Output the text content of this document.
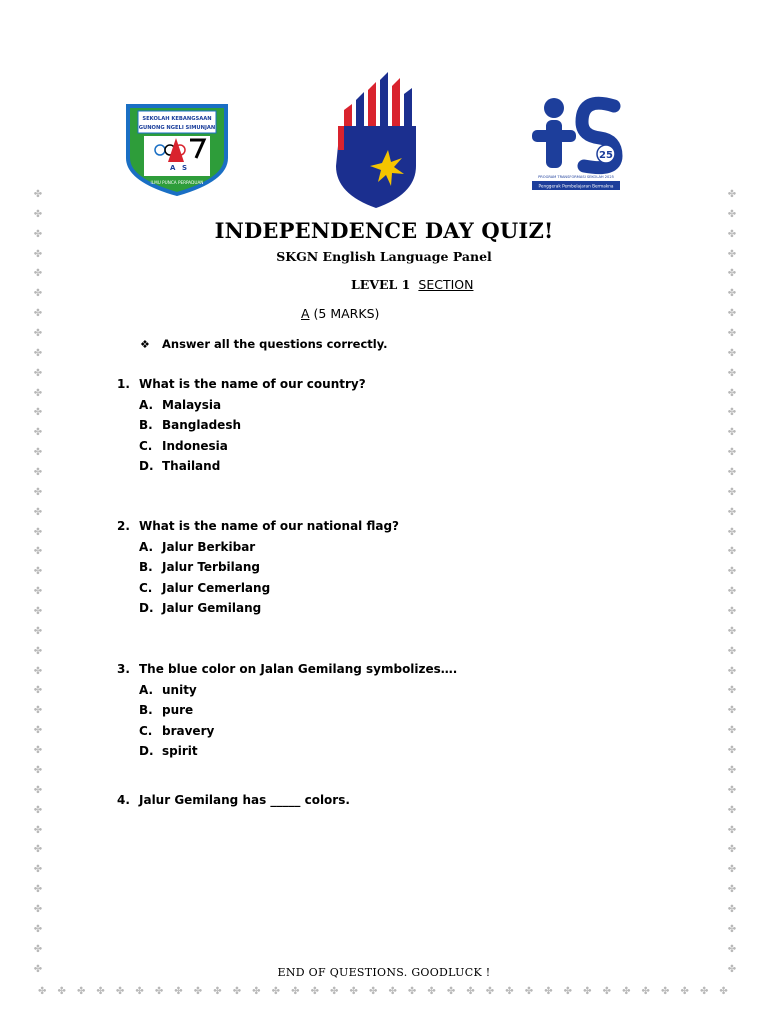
✤
✤
✤
✤
✤
✤
✤
✤
✤
✤
✤
✤
✤
✤
✤
✤
✤
✤
✤
✤
✤
✤
✤
✤
✤
✤
✤
✤
✤
✤
✤
✤
✤
✤
✤
✤
✤
✤
✤
✤
✤
✤
✤
✤
✤
✤
✤
✤
✤
✤
✤
✤
✤
✤
✤
✤
✤
✤
✤
✤
✤
✤
✤
✤
✤
✤
✤
✤
✤
✤
✤
✤
✤
✤
✤
✤
✤
✤
✤
✤
✤ ✤ ✤ ✤ ✤ ✤ ✤ ✤ ✤ ✤ ✤ ✤ ✤ ✤ ✤ ✤ ✤ ✤ ✤ ✤ ✤ ✤ ✤ ✤ ✤ ✤ ✤ ✤ ✤ ✤ ✤ ✤ ✤ ✤ ✤ ✤
SEKOLAH KEBANGSAAN
GUNONG NGELI SIMUNJAN
A S
ILMU PUNCA PERPADUAN
25
PROGRAM TRANSFORMASI SEKOLAH 2025
Penggerak Pembelajaran Bermakna
INDEPENDENCE DAY QUIZ!
SKGN English Language Panel
LEVEL 1 SECTION
A (5 MARKS)
❖ Answer all the questions correctly.
1. What is the name of our country?
A. Malaysia
B. Bangladesh
C. Indonesia
D. Thailand
2. What is the name of our national flag?
A. Jalur Berkibar
B. Jalur Terbilang
C. Jalur Cemerlang
D. Jalur Gemilang
3. The blue color on Jalan Gemilang symbolizes….
A. unity
B. pure
C. bravery
D. spirit
4. Jalur Gemilang has _____ colors.
END OF QUESTIONS. GOODLUCK !
